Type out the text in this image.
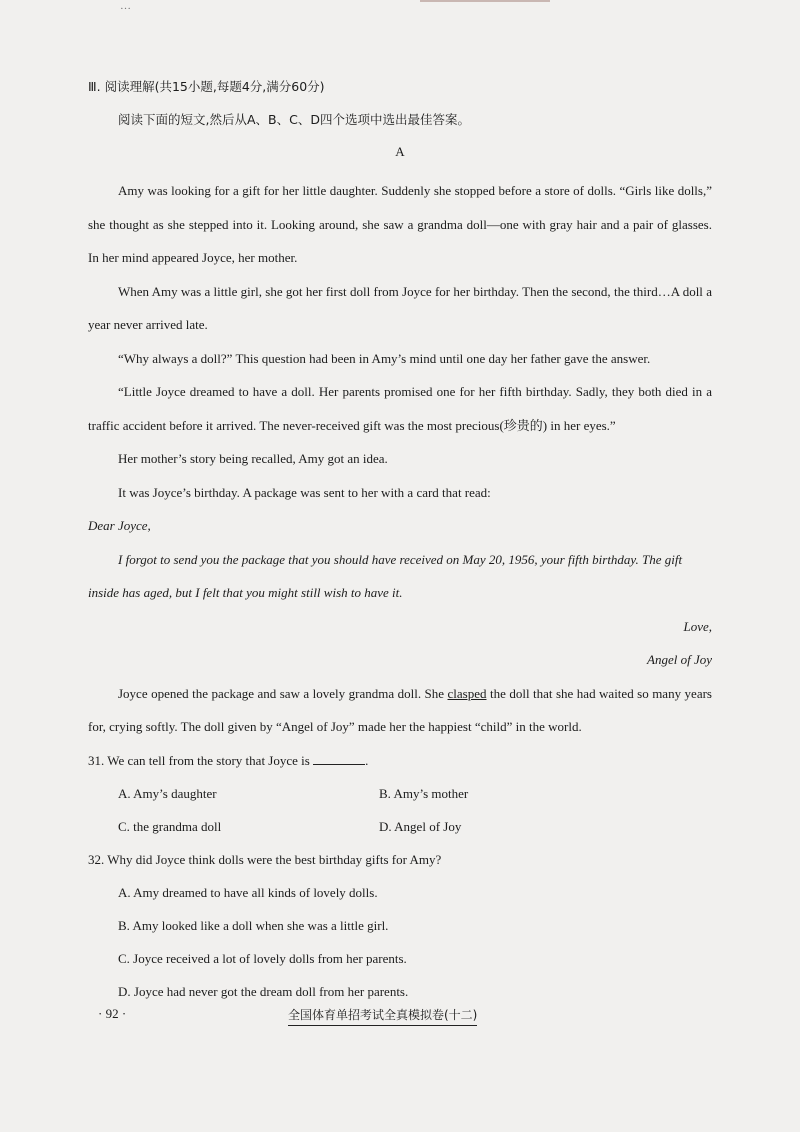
…

Ⅲ. 阅读理解(共15小题,每题4分,满分60分)

阅读下面的短文,然后从A、B、C、D四个选项中选出最佳答案。

A

Amy was looking for a gift for her little daughter. Suddenly she stopped before a store of dolls. “Girls like dolls,” she thought as she stepped into it. Looking around, she saw a grandma doll—one with gray hair and a pair of glasses. In her mind appeared Joyce, her mother.

When Amy was a little girl, she got her first doll from Joyce for her birthday. Then the second, the third…A doll a year never arrived late.

“Why always a doll?” This question had been in Amy’s mind until one day her father gave the answer.

“Little Joyce dreamed to have a doll. Her parents promised one for her fifth birthday. Sadly, they both died in a traffic accident before it arrived. The never-received gift was the most precious(珍贵的) in her eyes.”

Her mother’s story being recalled, Amy got an idea.

It was Joyce’s birthday. A package was sent to her with a card that read:

Dear Joyce,

I forgot to send you the package that you should have received on May 20, 1956, your fifth birthday. The gift inside has aged, but I felt that you might still wish to have it.

Love,

Angel of Joy

Joyce opened the package and saw a lovely grandma doll. She clasped the doll that she had waited so many years for, crying softly. The doll given by “Angel of Joy” made her the happiest “child” in the world.

31. We can tell from the story that Joyce is	.

A. Amy’s daughter	B. Amy’s mother
C. the grandma doll	D. Angel of Joy

32. Why did Joyce think dolls were the best birthday gifts for Amy?

A. Amy dreamed to have all kinds of lovely dolls.

B. Amy looked like a doll when she was a little girl.

C. Joyce received a lot of lovely dolls from her parents.

D. Joyce had never got the dream doll from her parents.

· 92 ·	全国体育单招考试全真模拟卷(十二)
